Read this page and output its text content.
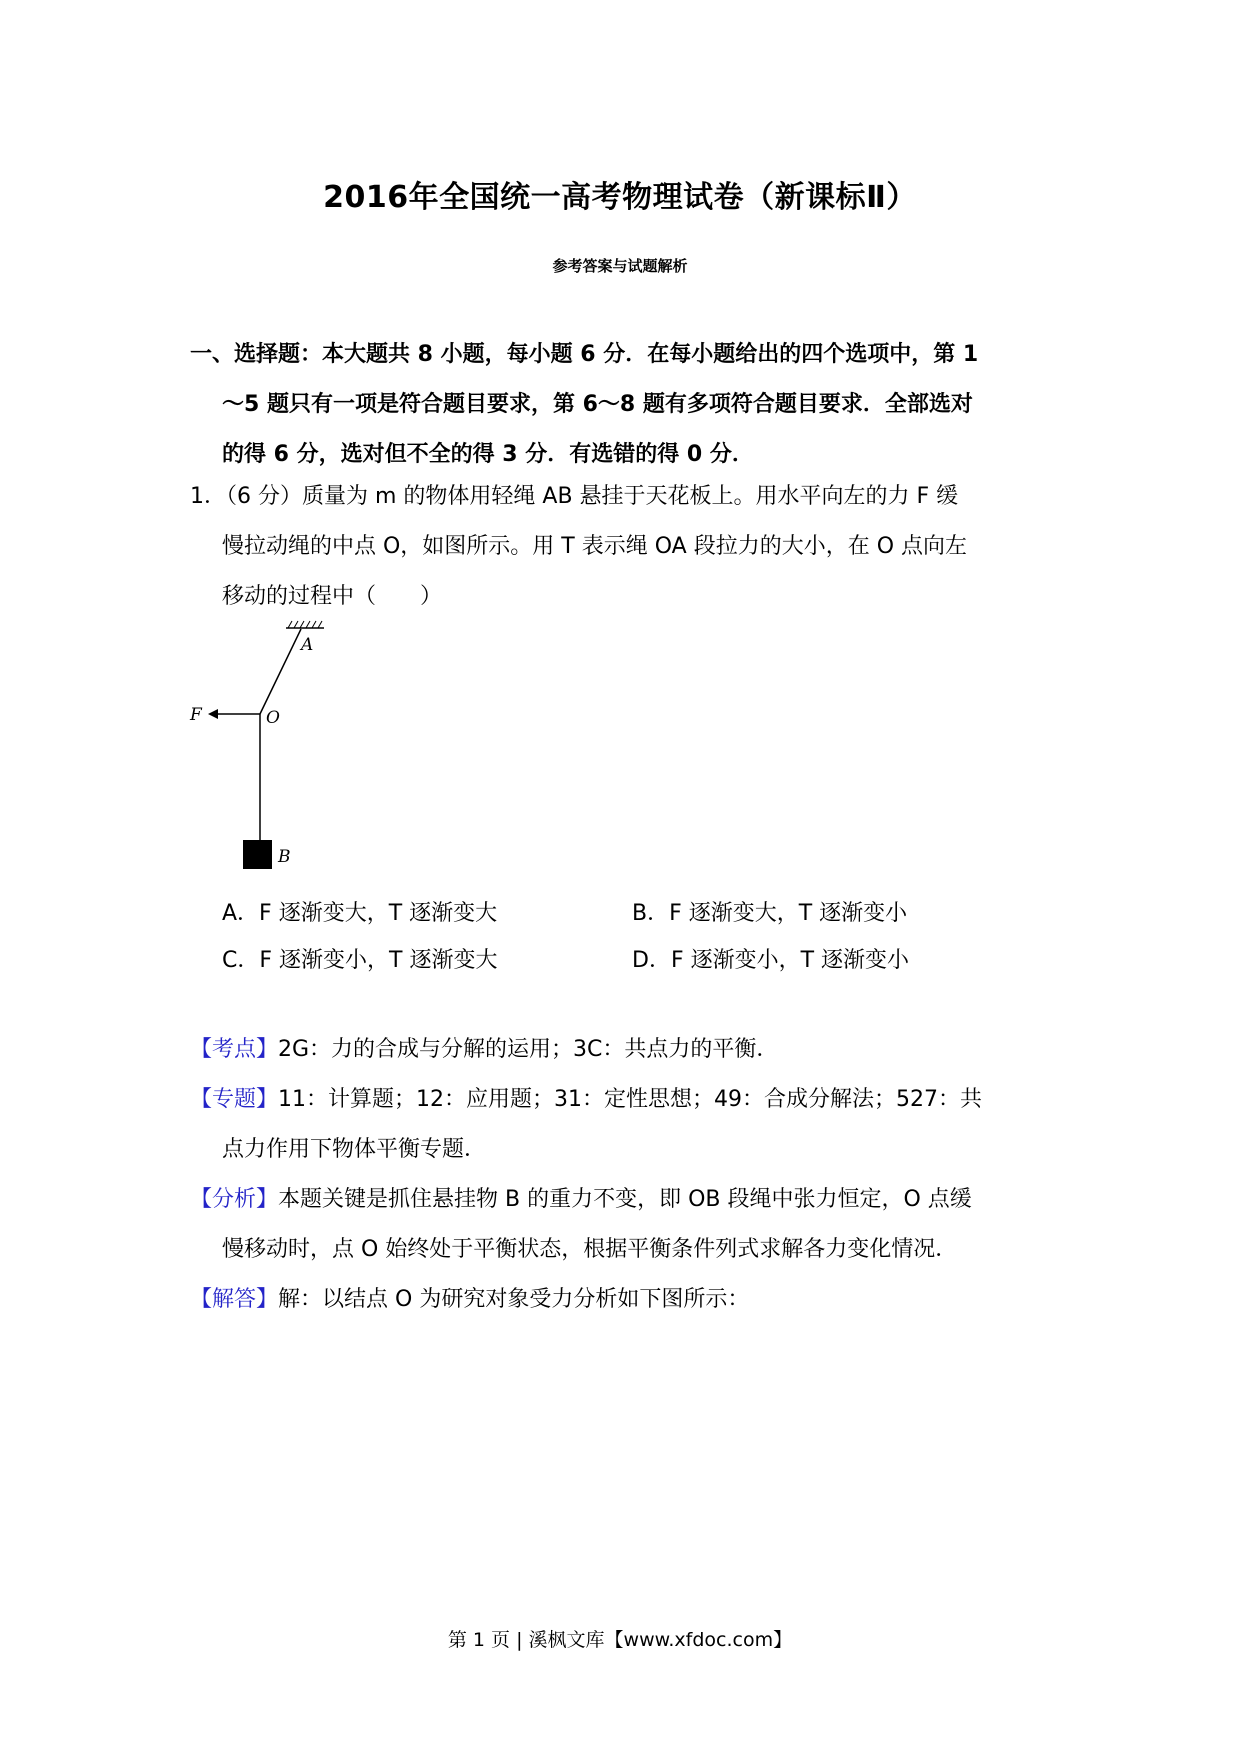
2016年全国统一高考物理试卷（新课标Ⅱ）
参考答案与试题解析
一、选择题：本大题共 8 小题，每小题 6 分．在每小题给出的四个选项中，第 1
～5 题只有一项是符合题目要求，第 6～8 题有多项符合题目要求．全部选对
的得 6 分，选对但不全的得 3 分．有选错的得 0 分．
1．（6 分）质量为 m 的物体用轻绳 AB 悬挂于天花板上。用水平向左的力 F 缓
慢拉动绳的中点 O，如图所示。用 T 表示绳 OA 段拉力的大小，在 O 点向左
移动的过程中（　　）
A
O
F
B
A．F 逐渐变大，T 逐渐变大	B．F 逐渐变大，T 逐渐变小
C．F 逐渐变小，T 逐渐变大	D．F 逐渐变小，T 逐渐变小
【考点】2G：力的合成与分解的运用；3C：共点力的平衡．
【专题】11：计算题；12：应用题；31：定性思想；49：合成分解法；527：共
点力作用下物体平衡专题．
【分析】本题关键是抓住悬挂物 B 的重力不变，即 OB 段绳中张力恒定，O 点缓
慢移动时，点 O 始终处于平衡状态，根据平衡条件列式求解各力变化情况．
【解答】解：以结点 O 为研究对象受力分析如下图所示：
第 1 页 | 溪枫文库【www.xfdoc.com】
